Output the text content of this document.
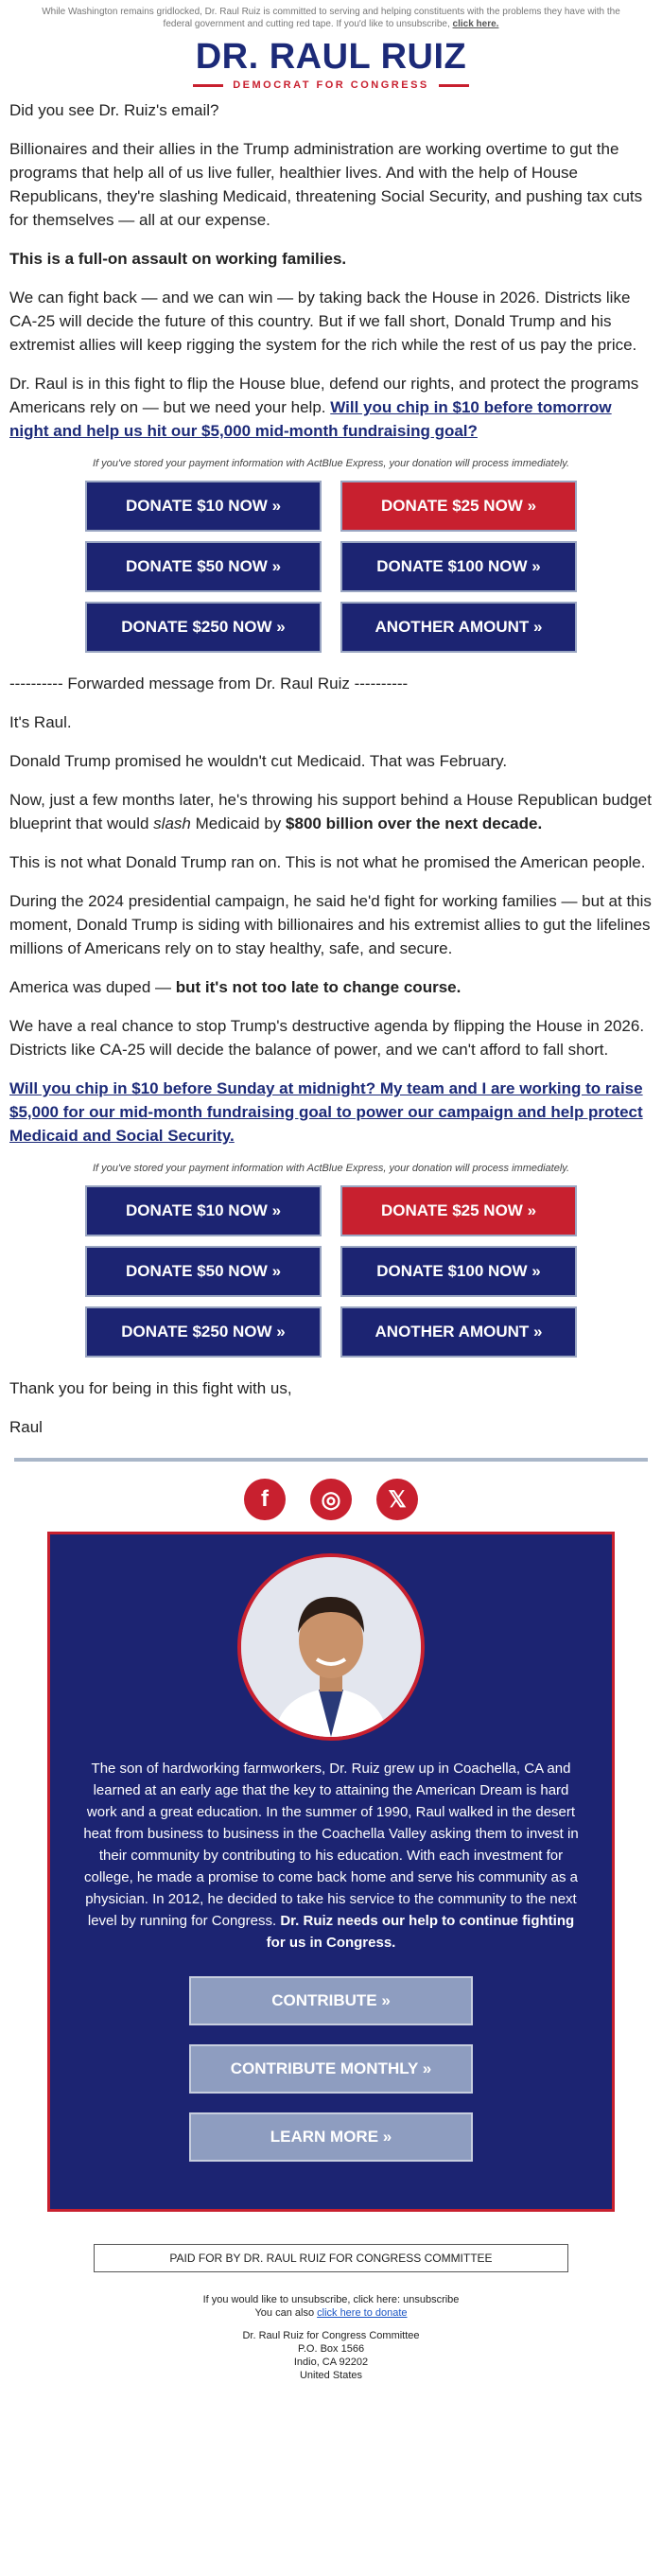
While Washington remains gridlocked, Dr. Raul Ruiz is committed to serving and helping constituents with the problems they have with the federal government and cutting red tape. If you'd like to unsubscribe, click here.
DR. RAUL RUIZ
DEMOCRAT FOR CONGRESS

Did you see Dr. Ruiz's email?

Billionaires and their allies in the Trump administration are working overtime to gut the programs that help all of us live fuller, healthier lives. And with the help of House Republicans, they're slashing Medicaid, threatening Social Security, and pushing tax cuts for themselves — all at our expense.

This is a full-on assault on working families.

We can fight back — and we can win — by taking back the House in 2026. Districts like CA-25 will decide the future of this country. But if we fall short, Donald Trump and his extremist allies will keep rigging the system for the rich while the rest of us pay the price.

Dr. Raul is in this fight to flip the House blue, defend our rights, and protect the programs Americans rely on — but we need your help. Will you chip in $10 before tomorrow night and help us hit our $5,000 mid-month fundraising goal?

If you've stored your payment information with ActBlue Express, your donation will process immediately.
DONATE $10 NOW »	DONATE $25 NOW »
DONATE $50 NOW »	DONATE $100 NOW »
DONATE $250 NOW »	ANOTHER AMOUNT »

---------- Forwarded message from Dr. Raul Ruiz ----------

It's Raul.

Donald Trump promised he wouldn't cut Medicaid. That was February.

Now, just a few months later, he's throwing his support behind a House Republican budget blueprint that would slash Medicaid by $800 billion over the next decade.

This is not what Donald Trump ran on. This is not what he promised the American people.

During the 2024 presidential campaign, he said he'd fight for working families — but at this moment, Donald Trump is siding with billionaires and his extremist allies to gut the lifelines millions of Americans rely on to stay healthy, safe, and secure.

America was duped — but it's not too late to change course.

We have a real chance to stop Trump's destructive agenda by flipping the House in 2026. Districts like CA-25 will decide the balance of power, and we can't afford to fall short.

Will you chip in $10 before Sunday at midnight? My team and I are working to raise $5,000 for our mid-month fundraising goal to power our campaign and help protect Medicaid and Social Security.

If you've stored your payment information with ActBlue Express, your donation will process immediately.
DONATE $10 NOW »	DONATE $25 NOW »
DONATE $50 NOW »	DONATE $100 NOW »
DONATE $250 NOW »	ANOTHER AMOUNT »

Thank you for being in this fight with us,

Raul

f	◎	𝕏

The son of hardworking farmworkers, Dr. Ruiz grew up in Coachella, CA and learned at an early age that the key to attaining the American Dream is hard work and a great education. In the summer of 1990, Raul walked in the desert heat from business to business in the Coachella Valley asking them to invest in their community by contributing to his education. With each investment for college, he made a promise to come back home and serve his community as a physician. In 2012, he decided to take his service to the community to the next level by running for Congress. Dr. Ruiz needs our help to continue fighting for us in Congress.

CONTRIBUTE »
CONTRIBUTE MONTHLY »
LEARN MORE »
PAID FOR BY DR. RAUL RUIZ FOR CONGRESS COMMITTEE
If you would like to unsubscribe, click here: unsubscribe
You can also click here to donate
Dr. Raul Ruiz for Congress Committee
P.O. Box 1566
Indio, CA 92202
United States
